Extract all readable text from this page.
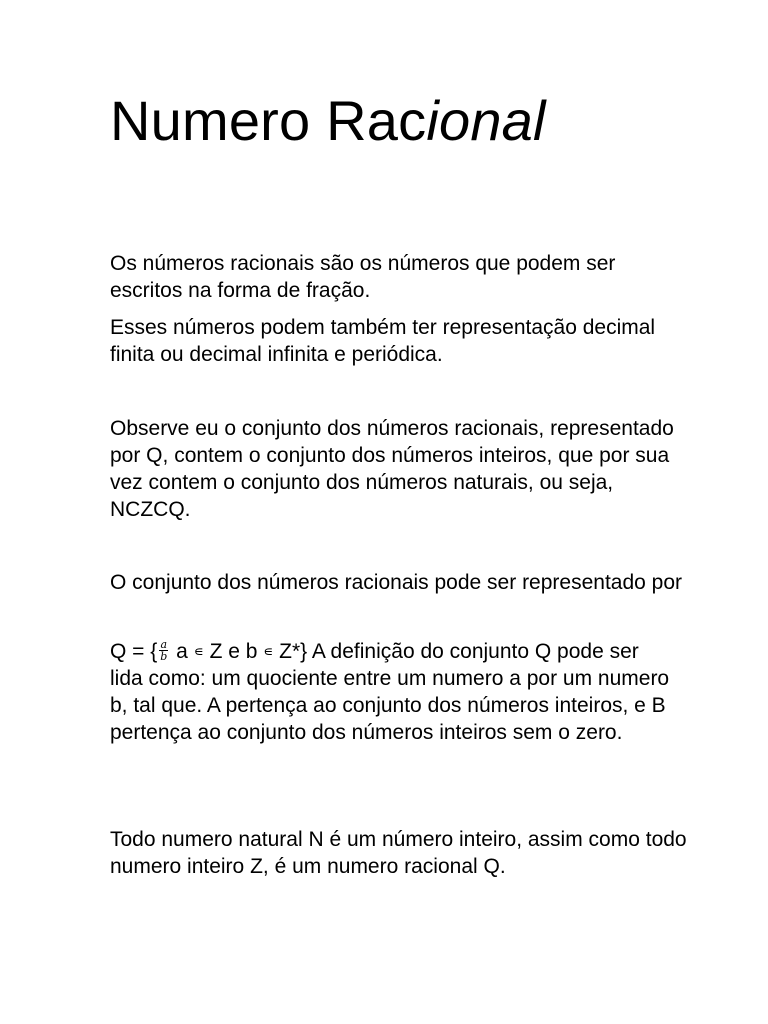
Numero Racional

Os números racionais são os números que podem ser escritos na forma de fração.

Esses números podem também ter representação decimal finita ou decimal infinita e periódica.

Observe eu o conjunto dos números racionais, representado por Q, contem o conjunto dos números inteiros, que por sua vez contem o conjunto dos números naturais, ou seja, NCZCQ.

O conjunto dos números racionais pode ser representado por

Q = { $\frac{a}{b}$ a ∊ Z e b ∊ Z*} A definição do conjunto Q pode ser lida como: um quociente entre um numero a por um numero b, tal que. A pertença ao conjunto dos números inteiros, e B pertença ao conjunto dos números inteiros sem o zero.

Todo numero natural N é um número inteiro, assim como todo numero inteiro Z, é um numero racional Q.
